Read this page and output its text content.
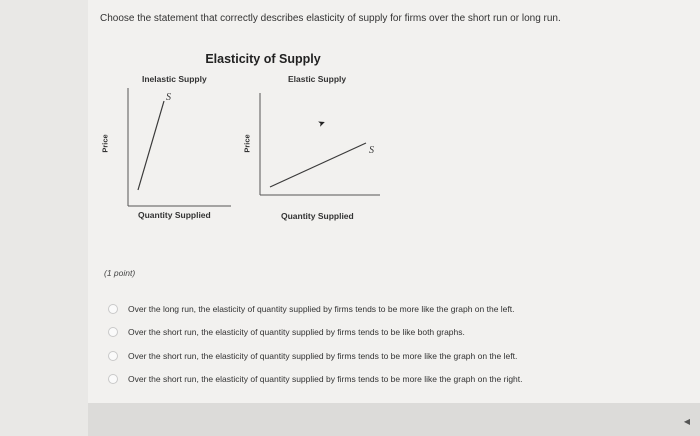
Choose the statement that correctly describes elasticity of supply for firms over the short run or long run.
Elasticity of Supply
Inelastic Supply	Elastic Supply
S
S
Price	Price
Quantity Supplied	Quantity Supplied
➤
(1 point)
Over the long run, the elasticity of quantity supplied by firms tends to be more like the graph on the left.
Over the short run, the elasticity of quantity supplied by firms tends to be like both graphs.
Over the short run, the elasticity of quantity supplied by firms tends to be more like the graph on the left.
Over the short run, the elasticity of quantity supplied by firms tends to be more like the graph on the right.
◀
